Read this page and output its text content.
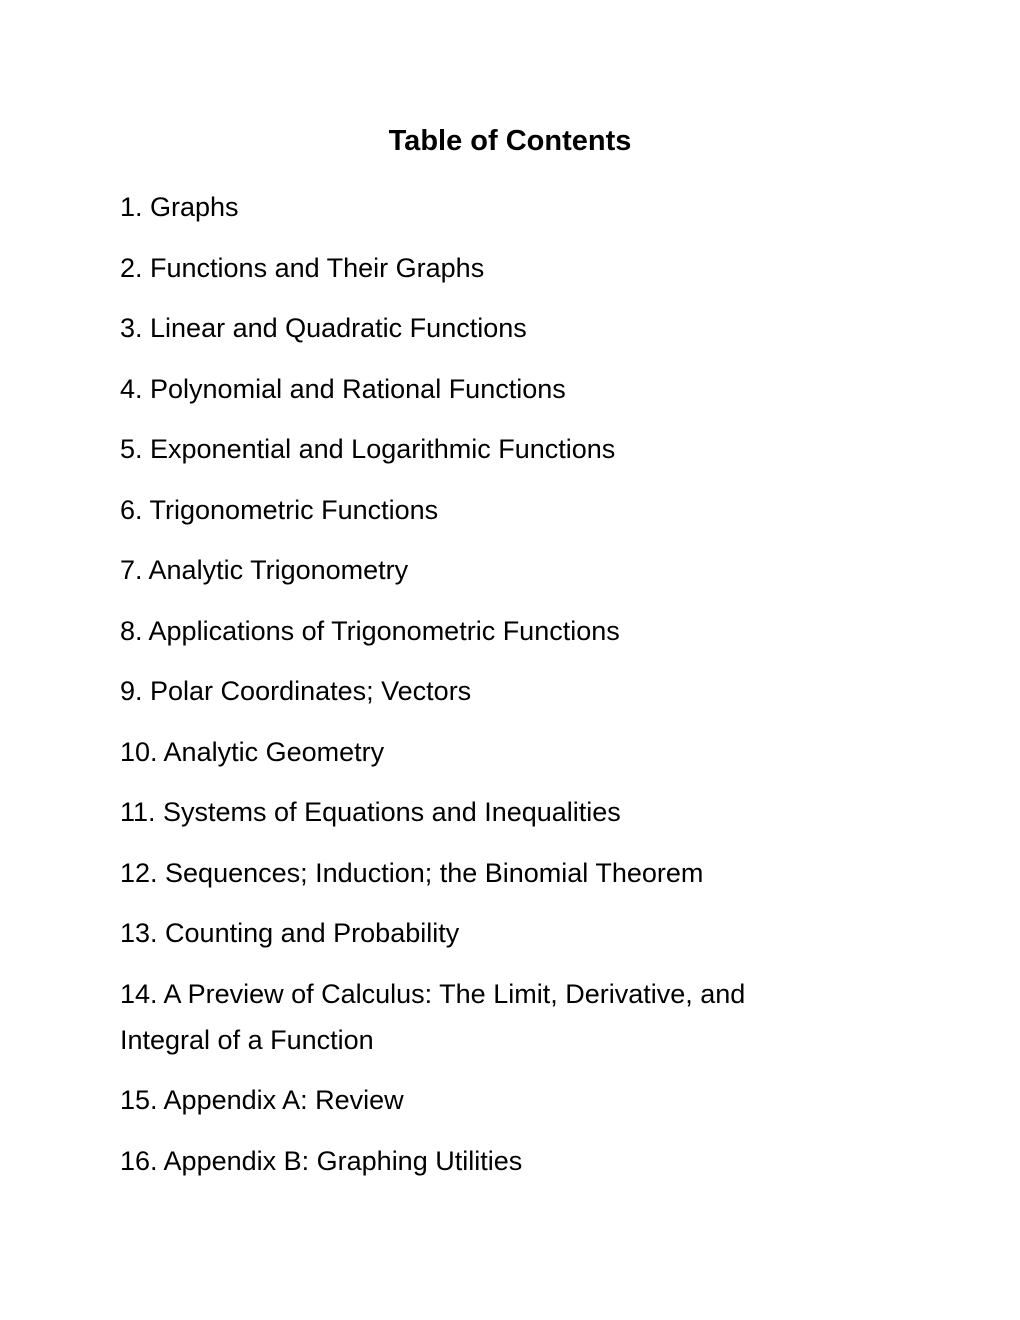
Table of Contents
1. Graphs
2. Functions and Their Graphs
3. Linear and Quadratic Functions
4. Polynomial and Rational Functions
5. Exponential and Logarithmic Functions
6. Trigonometric Functions
7. Analytic Trigonometry
8. Applications of Trigonometric Functions
9. Polar Coordinates; Vectors
10. Analytic Geometry
11. Systems of Equations and Inequalities
12. Sequences; Induction; the Binomial Theorem
13. Counting and Probability
14. A Preview of Calculus: The Limit, Derivative, and Integral of a Function
15. Appendix A: Review
16. Appendix B: Graphing Utilities
